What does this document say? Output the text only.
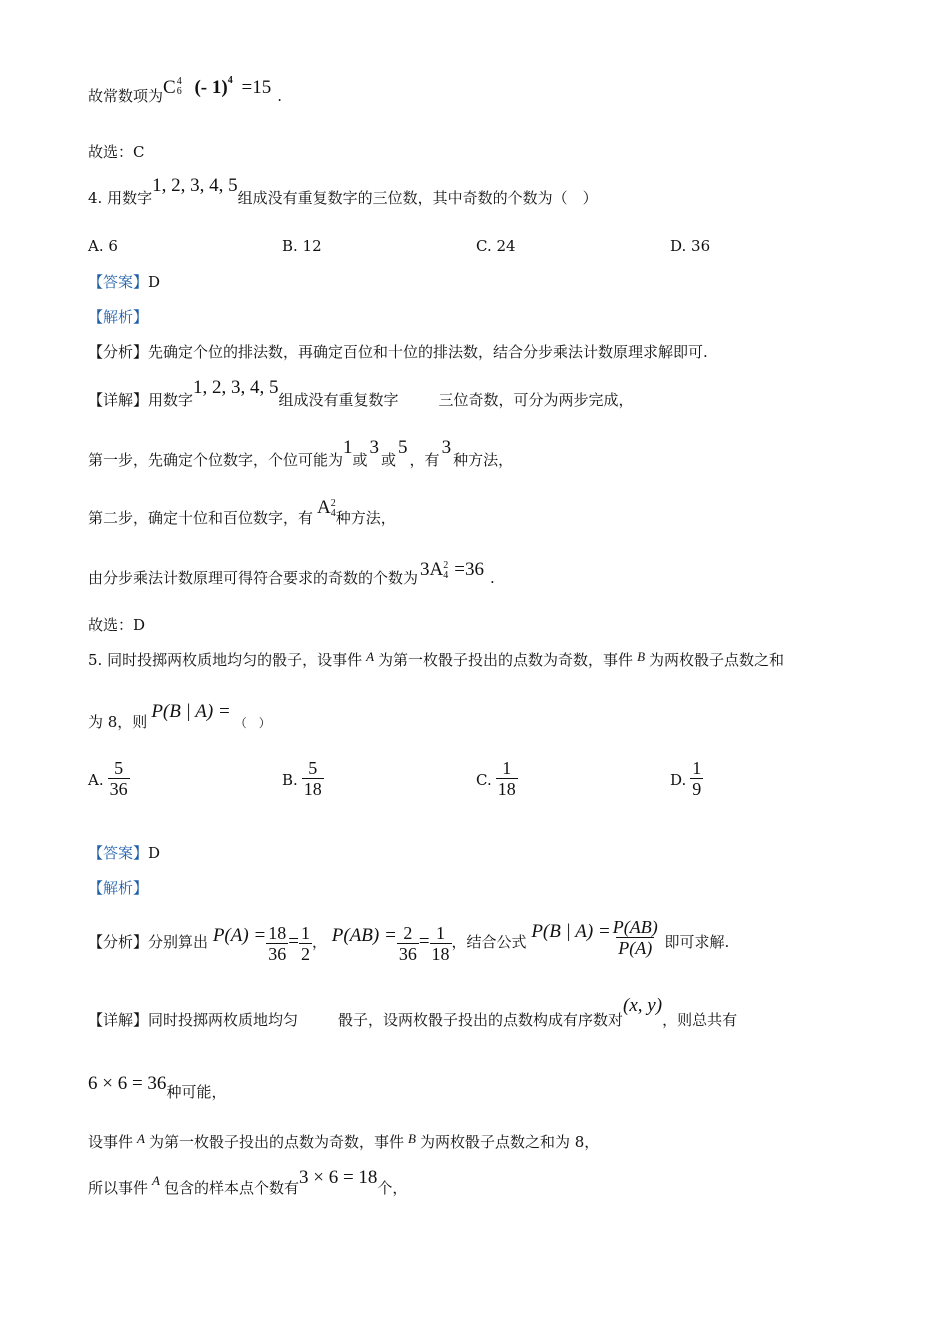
故常数项为C 4
6 (- 1)$^4$ =15 .
故选：C
4. 用数字1, 2, 3, 4, 5组成没有重复数字的三位数，其中奇数的个数为（　）
A. 6	B. 12	C. 24	D. 36
【答案】D
【解析】
【分析】先确定个位的排法数，再确定百位和十位的排法数，结合分步乘法计数原理求解即可.
【详解】用数字1, 2, 3, 4, 5组成没有重复数字	三位奇数，可分为两步完成，
第一步，先确定个位数字，个位可能为1或3或5，有3种方法，
第二步，确定十位和百位数字，有 A 2
4 种方法，
由分步乘法计数原理可得符合要求的奇数的个数为 3A 2
4 =36 .
故选：D
5. 同时投掷两枚质地均匀的骰子，设事件 A 为第一枚骰子投出的点数为奇数，事件 B 为两枚骰子点数之和
为 8，则 P(B | A) =（　）
A. $\frac{5}{36}$	B. $\frac{5}{18}$	C. $\frac{1}{18}$	D. $\frac{1}{9}$
【答案】D
【解析】
【分析】分别算出 $P(A) = \frac{18}{36} = \frac{1}{2}$ ， $P(AB) = \frac{2}{36} = \frac{1}{18}$ ，结合公式 P(B | $A) = \frac{P(AB)}{P(A)}$ 即可求解.
【详解】同时投掷两枚质地均匀	骰子，设两枚骰子投出的点数构成有序数对(x, y)，则总共有
6 × 6 = 36种可能，
设事件 A 为第一枚骰子投出的点数为奇数，事件 B 为两枚骰子点数之和为 8，
所以事件 A 包含的样本点个数有3 × 6 = 18个，
